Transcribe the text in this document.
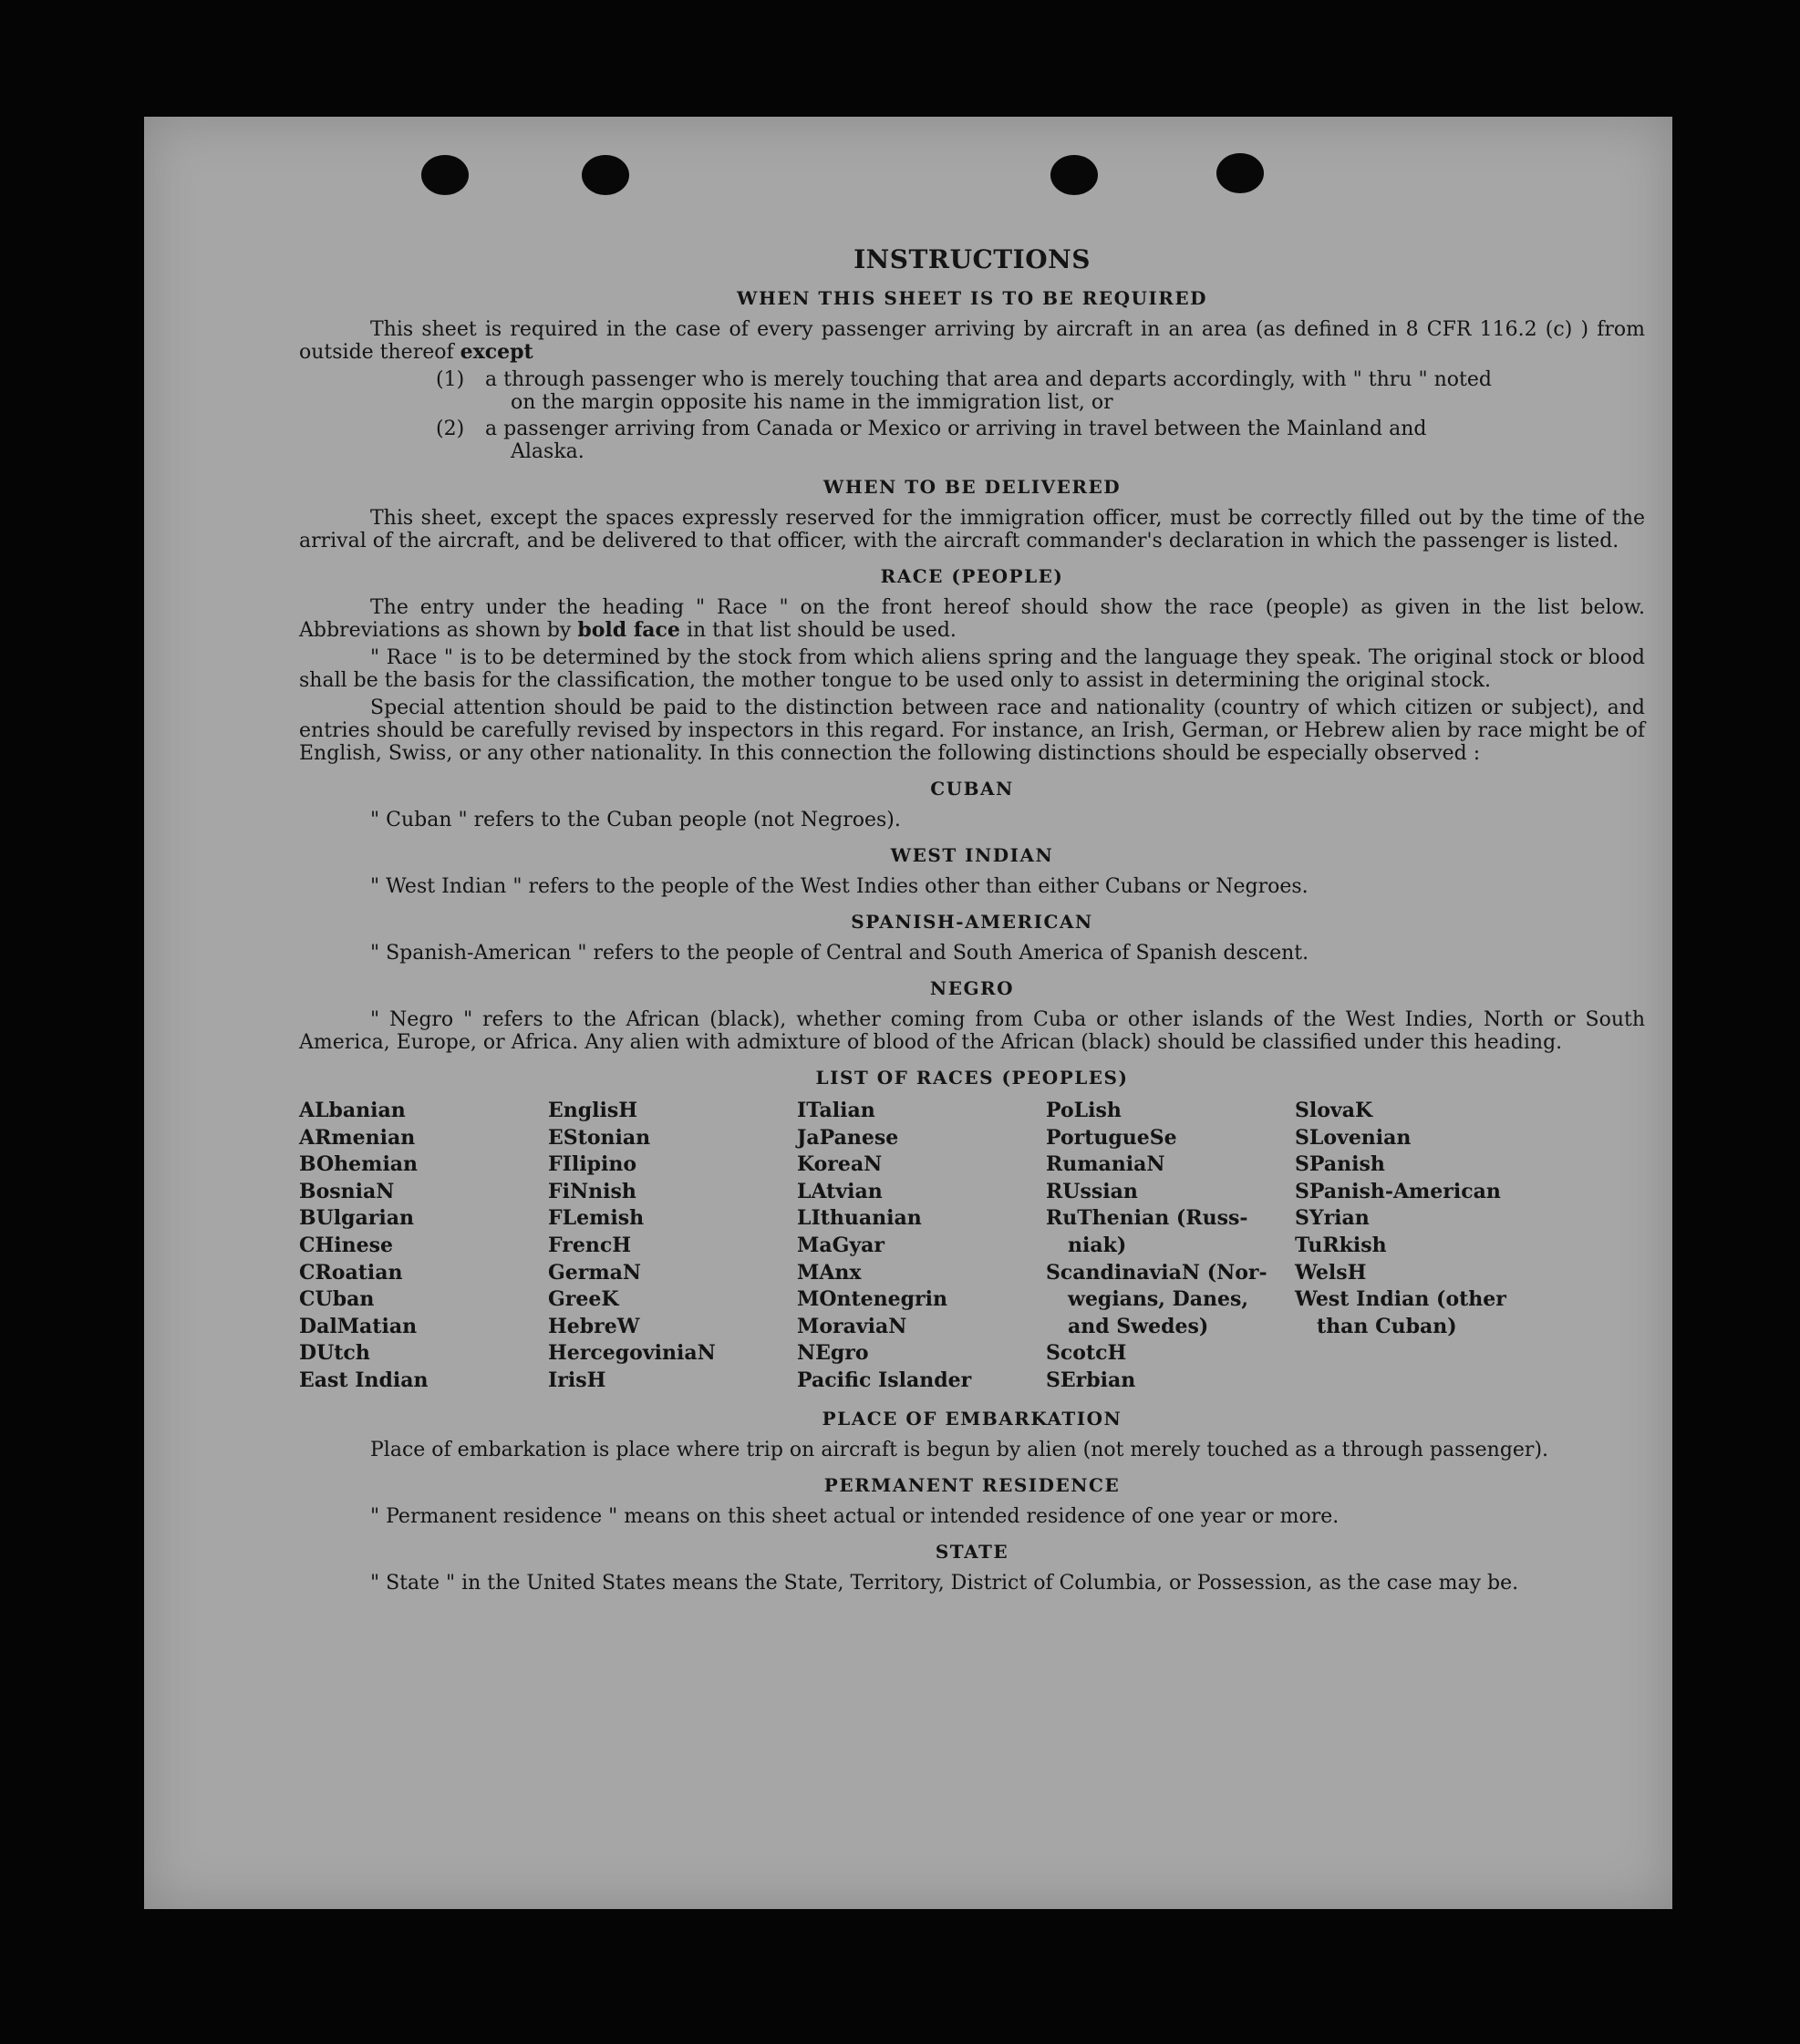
INSTRUCTIONS
WHEN THIS SHEET IS TO BE REQUIRED

This sheet is required in the case of every passenger arriving by aircraft in an area (as defined in 8 CFR 116.2 (c) ) from outside thereof except

(1)	a through passenger who is merely touching that area and departs accordingly, with " thru " noted
on the margin opposite his name in the immigration list, or
(2)	a passenger arriving from Canada or Mexico or arriving in travel between the Mainland and
Alaska.
WHEN TO BE DELIVERED

This sheet, except the spaces expressly reserved for the immigration officer, must be correctly filled out by the time of the arrival of the aircraft, and be delivered to that officer, with the aircraft commander's declaration in which the passenger is listed.

RACE (PEOPLE)

The entry under the heading " Race " on the front hereof should show the race (people) as given in the list below. Abbreviations as shown by bold face in that list should be used.

" Race " is to be determined by the stock from which aliens spring and the language they speak. The original stock or blood shall be the basis for the classification, the mother tongue to be used only to assist in determining the original stock.

Special attention should be paid to the distinction between race and nationality (country of which citizen or subject), and entries should be carefully revised by inspectors in this regard. For instance, an Irish, German, or Hebrew alien by race might be of English, Swiss, or any other nationality. In this connection the following distinctions should be especially observed :

CUBAN

" Cuban " refers to the Cuban people (not Negroes).

WEST INDIAN

" West Indian " refers to the people of the West Indies other than either Cubans or Negroes.

SPANISH-AMERICAN

" Spanish-American " refers to the people of Central and South America of Spanish descent.

NEGRO

" Negro " refers to the African (black), whether coming from Cuba or other islands of the West Indies, North or South America, Europe, or Africa. Any alien with admixture of blood of the African (black) should be classified under this heading.

LIST OF RACES (PEOPLES)
ALbanian
ARmenian
BOhemian
BosniaN
BUlgarian
CHinese
CRoatian
CUban
DalMatian
DUtch
East Indian
EnglisH
EStonian
FIlipino
FiNnish
FLemish
FrencH
GermaN
GreeK
HebreW
HercegoviniaN
IrisH
ITalian
JaPanese
KoreaN
LAtvian
LIthuanian
MaGyar
MAnx
MOntenegrin
MoraviaN
NEgro
Pacific Islander
PoLish
PortugueSe
RumaniaN
RUssian
RuThenian (Russ-
niak)
ScandinaviaN (Nor-
wegians, Danes,
and Swedes)
ScotcH
SErbian
SlovaK
SLovenian
SPanish
SPanish-American
SYrian
TuRkish
WelsH
West Indian (other
than Cuban)
PLACE OF EMBARKATION

Place of embarkation is place where trip on aircraft is begun by alien (not merely touched as a through passenger).

PERMANENT RESIDENCE

" Permanent residence " means on this sheet actual or intended residence of one year or more.

STATE

" State " in the United States means the State, Territory, District of Columbia, or Possession, as the case may be.
